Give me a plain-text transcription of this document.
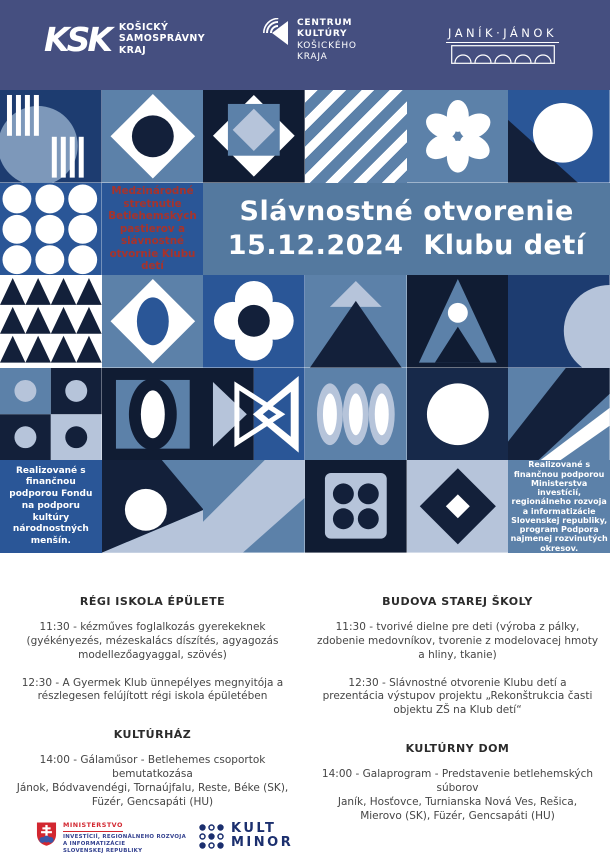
KSK KOŠICKÝ
SAMOSPRÁVNY
KRAJ
CENTRUM
KULTÚRY
KOŠICKÉHO
KRAJA
JANÍK·JÁNOK

Medzinárodné stretnutie Betlehemských pastierov a slávnostné otvornie Klubu detí

Slávnostné otvorenie
15.12.2024  Klubu detí

Realizované s finančnou podporou Fondu na podporu kultúry národnostných menšín.

Realizované s finančnou podporou Ministerstva investícií, regionálneho rozvoja a informatizácie Slovenskej republiky, program Podpora najmenej rozvinutých okresov.

RÉGI ISKOLA ÉPÜLETE

11:30 - kézműves foglalkozás gyerekeknek (gyékényezés, mézeskalács díszítés, agyagozás modellezőagyaggal, szövés)

12:30 - A Gyermek Klub ünnepélyes megnyitója a részlegesen felújított régi iskola épületében

KULTÚRHÁZ

14:00 - Gálaműsor - Betlehemes csoportok bemutatkozása

Jánok, Bódvavendégi, Tornaújfalu, Reste, Béke (SK), Füzér, Gencsapáti (HU)

BUDOVA STAREJ ŠKOLY

11:30 - tvorivé dielne pre deti (výroba z pálky, zdobenie medovníkov, tvorenie z modelovacej hmoty a hliny, tkanie)

12:30 - Slávnostné otvorenie Klubu detí a prezentácia výstupov projektu „Rekonštrukcia časti objektu ZŠ na Klub detí“

KULTÚRNY DOM

14:00 - Galaprogram - Predstavenie betlehemských súborov

Janík, Hosťovce, Turnianska Nová Ves, Rešica, Mierovo (SK), Füzér, Gencsapáti (HU)

MINISTERSTVO
INVESTÍCIÍ, REGIONÁLNEHO ROZVOJA
A INFORMATIZÁCIE
SLOVENSKEJ REPUBLIKY
KULT
MINOR
